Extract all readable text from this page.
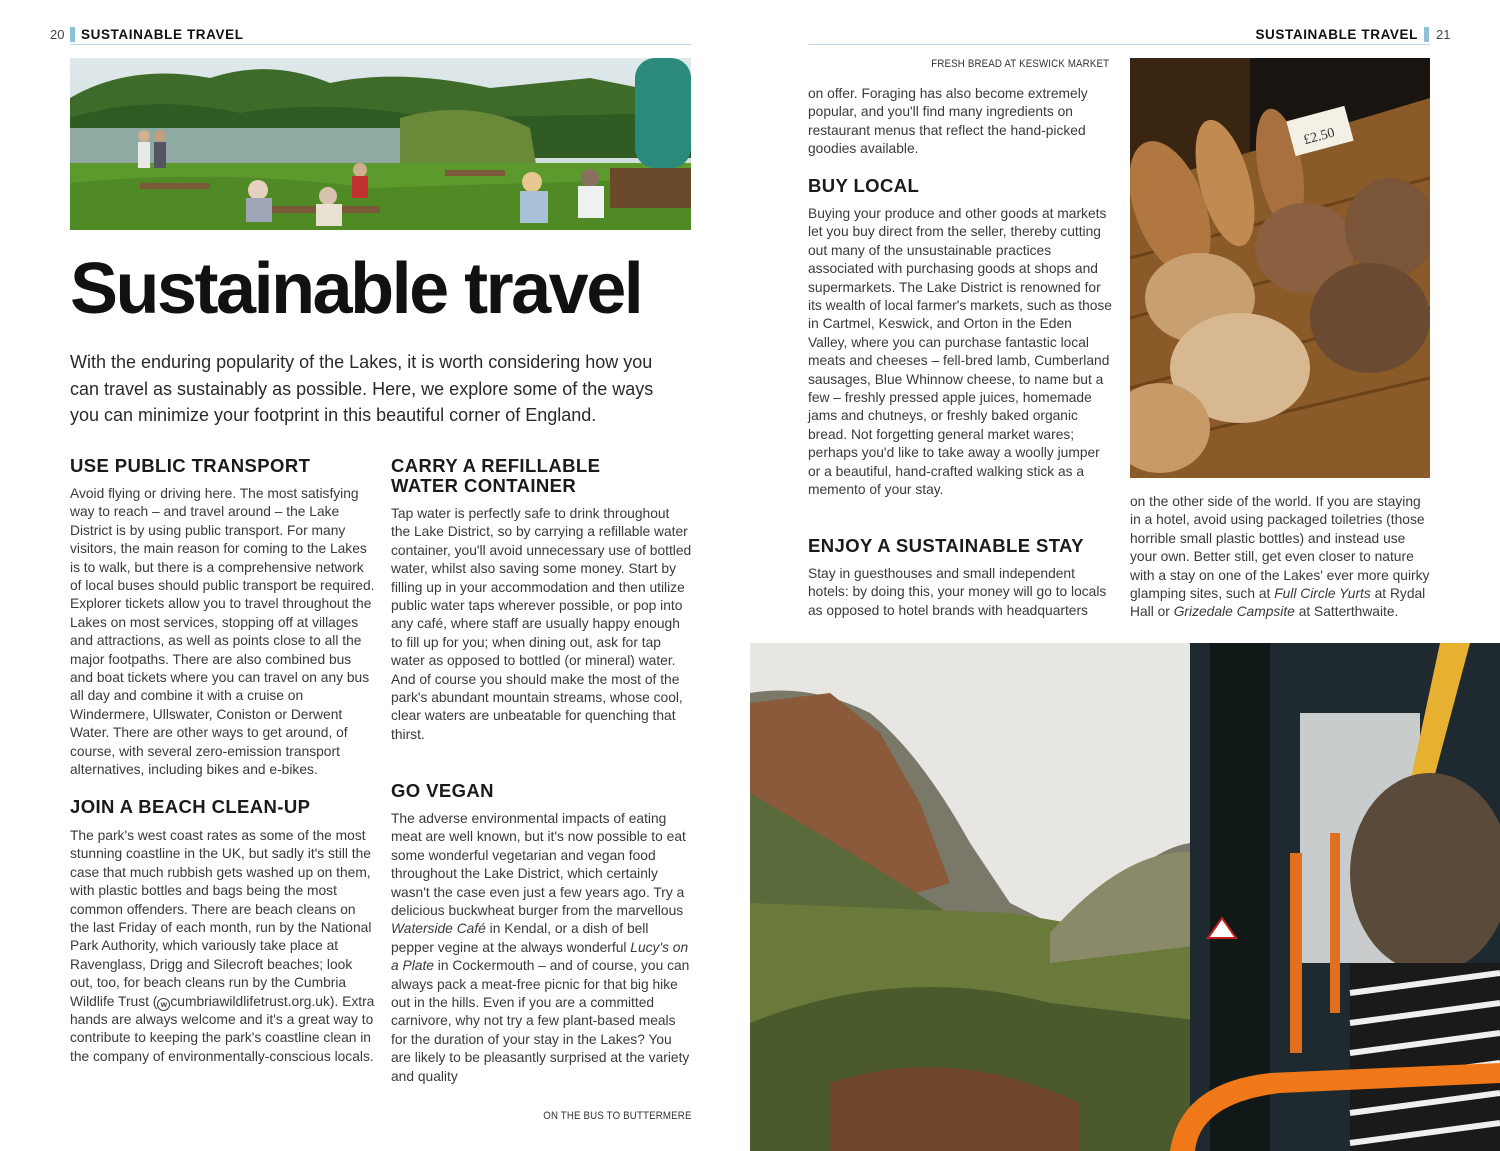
20 SUSTAINABLE TRAVEL	SUSTAINABLE TRAVEL 21
Sustainable travel
With the enduring popularity of the Lakes, it is worth considering how you can travel as sustainably as possible. Here, we explore some of the ways you can minimize your footprint in this beautiful corner of England.
USE PUBLIC TRANSPORT
Avoid flying or driving here. The most satisfying way to reach – and travel around – the Lake District is by using public transport. For many visitors, the main reason for coming to the Lakes is to walk, but there is a comprehensive network of local buses should public transport be required. Explorer tickets allow you to travel throughout the Lakes on most services, stopping off at villages and attractions, as well as points close to all the major footpaths. There are also combined bus and boat tickets where you can travel on any bus all day and combine it with a cruise on Windermere, Ullswater, Coniston or Derwent Water. There are other ways to get around, of course, with several zero-emission transport alternatives, including bikes and e-bikes.
JOIN A BEACH CLEAN-UP
The park's west coast rates as some of the most stunning coastline in the UK, but sadly it's still the case that much rubbish gets washed up on them, with plastic bottles and bags being the most common offenders. There are beach cleans on the last Friday of each month, run by the National Park Authority, which variously take place at Ravenglass, Drigg and Silecroft beaches; look out, too, for beach cleans run by the Cumbria Wildlife Trust ( w cumbriawildlifetrust.org.uk). Extra hands are always welcome and it's a great way to contribute to keeping the park's coastline clean in the company of environmentally-conscious locals.
CARRY A REFILLABLE
WATER CONTAINER
Tap water is perfectly safe to drink throughout the Lake District, so by carrying a refillable water container, you'll avoid unnecessary use of bottled water, whilst also saving some money. Start by filling up in your accommodation and then utilize public water taps wherever possible, or pop into any café, where staff are usually happy enough to fill up for you; when dining out, ask for tap water as opposed to bottled (or mineral) water. And of course you should make the most of the park's abundant mountain streams, whose cool, clear waters are unbeatable for quenching that thirst.
GO VEGAN
The adverse environmental impacts of eating meat are well known, but it's now possible to eat some wonderful vegetarian and vegan food throughout the Lake District, which certainly wasn't the case even just a few years ago. Try a delicious buckwheat burger from the marvellous Waterside Café in Kendal, or a dish of bell pepper vegine at the always wonderful Lucy's on a Plate in Cockermouth – and of course, you can always pack a meat-free picnic for that big hike out in the hills. Even if you are a committed carnivore, why not try a few plant-based meals for the duration of your stay in the Lakes? You are likely to be pleasantly surprised at the variety and quality
ON THE BUS TO BUTTERMERE
FRESH BREAD AT KESWICK MARKET
on offer. Foraging has also become extremely popular, and you'll find many ingredients on restaurant menus that reflect the hand-picked goodies available.
BUY LOCAL
Buying your produce and other goods at markets let you buy direct from the seller, thereby cutting out many of the unsustainable practices associated with purchasing goods at shops and supermarkets. The Lake District is renowned for its wealth of local farmer's markets, such as those in Cartmel, Keswick, and Orton in the Eden Valley, where you can purchase fantastic local meats and cheeses – fell-bred lamb, Cumberland sausages, Blue Whinnow cheese, to name but a few – freshly pressed apple juices, homemade jams and chutneys, or freshly baked organic bread. Not forgetting general market wares; perhaps you'd like to take away a woolly jumper or a beautiful, hand-crafted walking stick as a memento of your stay.
ENJOY A SUSTAINABLE STAY
Stay in guesthouses and small independent hotels: by doing this, your money will go to locals as opposed to hotel brands with headquarters
on the other side of the world. If you are staying in a hotel, avoid using packaged toiletries (those horrible small plastic bottles) and instead use your own. Better still, get even closer to nature with a stay on one of the Lakes' ever more quirky glamping sites, such at Full Circle Yurts at Rydal Hall or Grizedale Campsite at Satterthwaite.
£2.50
